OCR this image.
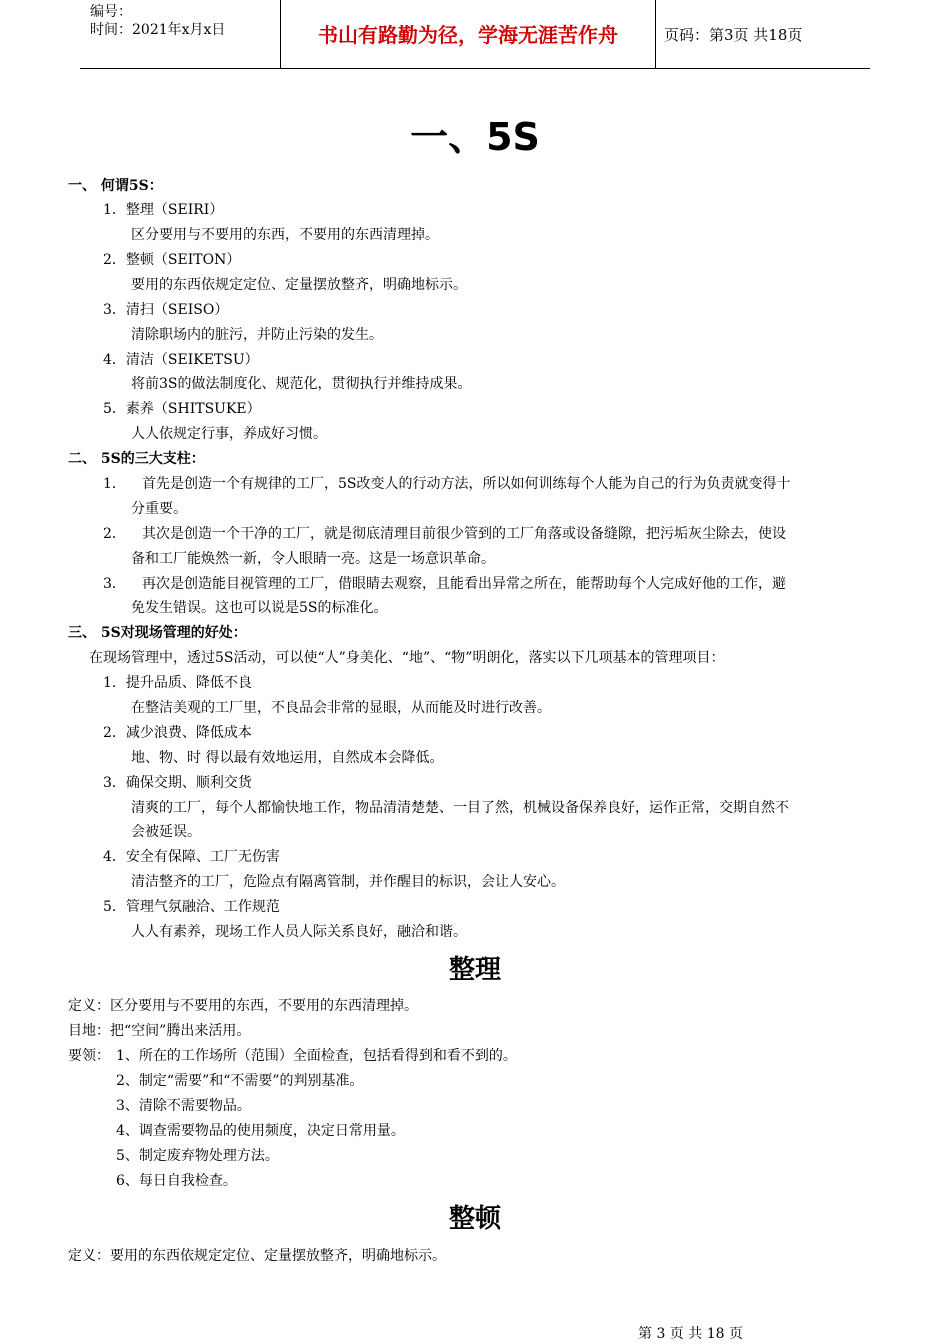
编号：
时间：2021年x月x日	书山有路勤为径，学海无涯苦作舟	页码：第3页 共18页
一、5S
一、 何谓5S：
1．整理（SEIRI）
区分要用与不要用的东西，不要用的东西清理掉。
2．整顿（SEITON）
要用的东西依规定定位、定量摆放整齐，明确地标示。
3．清扫（SEISO）
清除职场内的脏污，并防止污染的发生。
4．清洁（SEIKETSU）
将前3S的做法制度化、规范化，贯彻执行并维持成果。
5．素养（SHITSUKE）
人人依规定行事，养成好习惯。
二、 5S的三大支柱：
1． 首先是创造一个有规律的工厂，5S改变人的行动方法，所以如何训练每个人能为自己的行为负责就变得十
分重要。
2． 其次是创造一个干净的工厂，就是彻底清理目前很少管到的工厂角落或设备缝隙，把污垢灰尘除去，使设
备和工厂能焕然一新，令人眼睛一亮。这是一场意识革命。
3． 再次是创造能目视管理的工厂，借眼睛去观察，且能看出异常之所在，能帮助每个人完成好他的工作，避
免发生错误。这也可以说是5S的标准化。
三、 5S对现场管理的好处：
在现场管理中，透过5S活动，可以使“人”身美化、“地”、“物”明朗化，落实以下几项基本的管理项目：
1．提升品质、降低不良
在整洁美观的工厂里，不良品会非常的显眼，从而能及时进行改善。
2．减少浪费、降低成本
地、物、时 得以最有效地运用，自然成本会降低。
3．确保交期、顺利交货
清爽的工厂，每个人都愉快地工作，物品清清楚楚、一目了然，机械设备保养良好，运作正常，交期自然不
会被延误。
4．安全有保障、工厂无伤害
清洁整齐的工厂，危险点有隔离管制，并作醒目的标识，会让人安心。
5．管理气氛融洽、工作规范
人人有素养，现场工作人员人际关系良好，融洽和谐。
整理
定义：区分要用与不要用的东西，不要用的东西清理掉。
目地：把“空间”腾出来活用。
要领： 1、所在的工作场所（范围）全面检查，包括看得到和看不到的。
2、制定“需要”和“不需要”的判别基准。
3、清除不需要物品。
4、调查需要物品的使用频度，决定日常用量。
5、制定废弃物处理方法。
6、每日自我检查。
整顿
定义：要用的东西依规定定位、定量摆放整齐，明确地标示。
第 3 页 共 18 页
